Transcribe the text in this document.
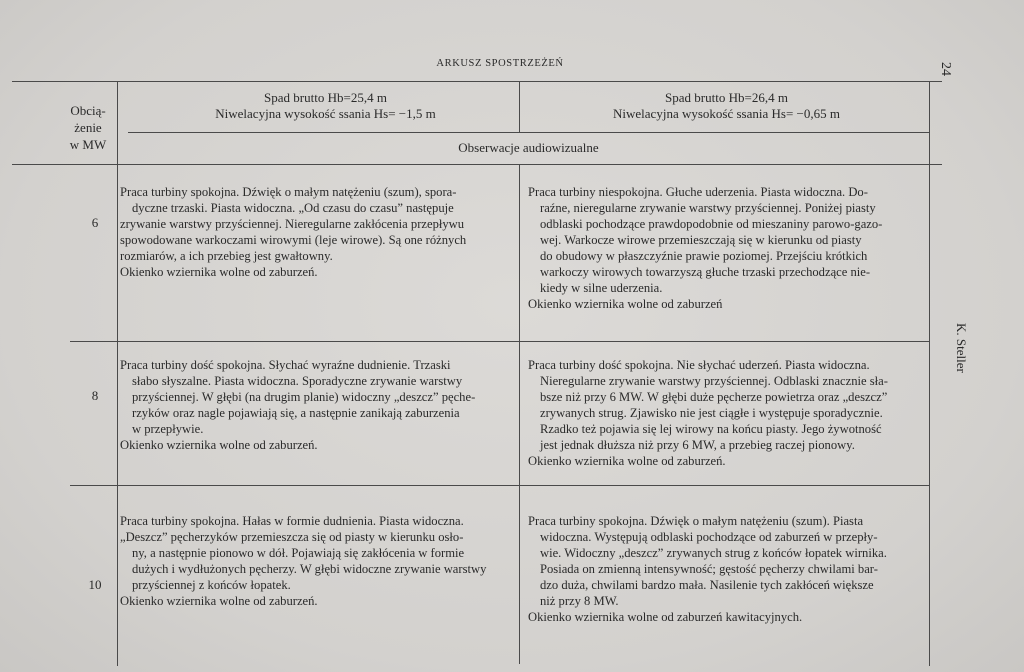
ARKUSZ SPOSTRZEŻEŃ	24
K. Steller
Obcią-
żenie
w MW
Spad brutto Hb=25,4 m
Niwelacyjna wysokość ssania Hs= −1,5 m
Spad brutto Hb=26,4 m
Niwelacyjna wysokość ssania Hs= −0,65 m
Obserwacje audiowizualne
6
Praca turbiny spokojna. Dźwięk o małym natężeniu (szum), spora-
dyczne trzaski. Piasta widoczna. „Od czasu do czasu” następuje
zrywanie warstwy przyściennej. Nieregularne zakłócenia przepływu
spowodowane warkoczami wirowymi (leje wirowe). Są one różnych
rozmiarów, a ich przebieg jest gwałtowny.
Okienko wziernika wolne od zaburzeń.
Praca turbiny niespokojna. Głuche uderzenia. Piasta widoczna. Do-
raźne, nieregularne zrywanie warstwy przyściennej. Poniżej piasty
odblaski pochodzące prawdopodobnie od mieszaniny parowo-gazo-
wej. Warkocze wirowe przemieszczają się w kierunku od piasty
do obudowy w płaszczyźnie prawie poziomej. Przejściu krótkich
warkoczy wirowych towarzyszą głuche trzaski przechodzące nie-
kiedy w silne uderzenia.
Okienko wziernika wolne od zaburzeń
8
Praca turbiny dość spokojna. Słychać wyraźne dudnienie. Trzaski
słabo słyszalne. Piasta widoczna. Sporadyczne zrywanie warstwy
przyściennej. W głębi (na drugim planie) widoczny „deszcz” pęche-
rzyków oraz nagle pojawiają się, a następnie zanikają zaburzenia
w przepływie.
Okienko wziernika wolne od zaburzeń.
Praca turbiny dość spokojna. Nie słychać uderzeń. Piasta widoczna.
Nieregularne zrywanie warstwy przyściennej. Odblaski znacznie sła-
bsze niż przy 6 MW. W głębi duże pęcherze powietrza oraz „deszcz”
zrywanych strug. Zjawisko nie jest ciągłe i występuje sporadycznie.
Rzadko też pojawia się lej wirowy na końcu piasty. Jego żywotność
jest jednak dłuższa niż przy 6 MW, a przebieg raczej pionowy.
Okienko wziernika wolne od zaburzeń.
10
Praca turbiny spokojna. Hałas w formie dudnienia. Piasta widoczna.
„Deszcz” pęcherzyków przemieszcza się od piasty w kierunku osło-
ny, a następnie pionowo w dół. Pojawiają się zakłócenia w formie
dużych i wydłużonych pęcherzy. W głębi widoczne zrywanie warstwy
przyściennej z końców łopatek.
Okienko wziernika wolne od zaburzeń.
Praca turbiny spokojna. Dźwięk o małym natężeniu (szum). Piasta
widoczna. Występują odblaski pochodzące od zaburzeń w przepły-
wie. Widoczny „deszcz” zrywanych strug z końców łopatek wirnika.
Posiada on zmienną intensywność; gęstość pęcherzy chwilami bar-
dzo duża, chwilami bardzo mała. Nasilenie tych zakłóceń większe
niż przy 8 MW.
Okienko wziernika wolne od zaburzeń kawitacyjnych.
